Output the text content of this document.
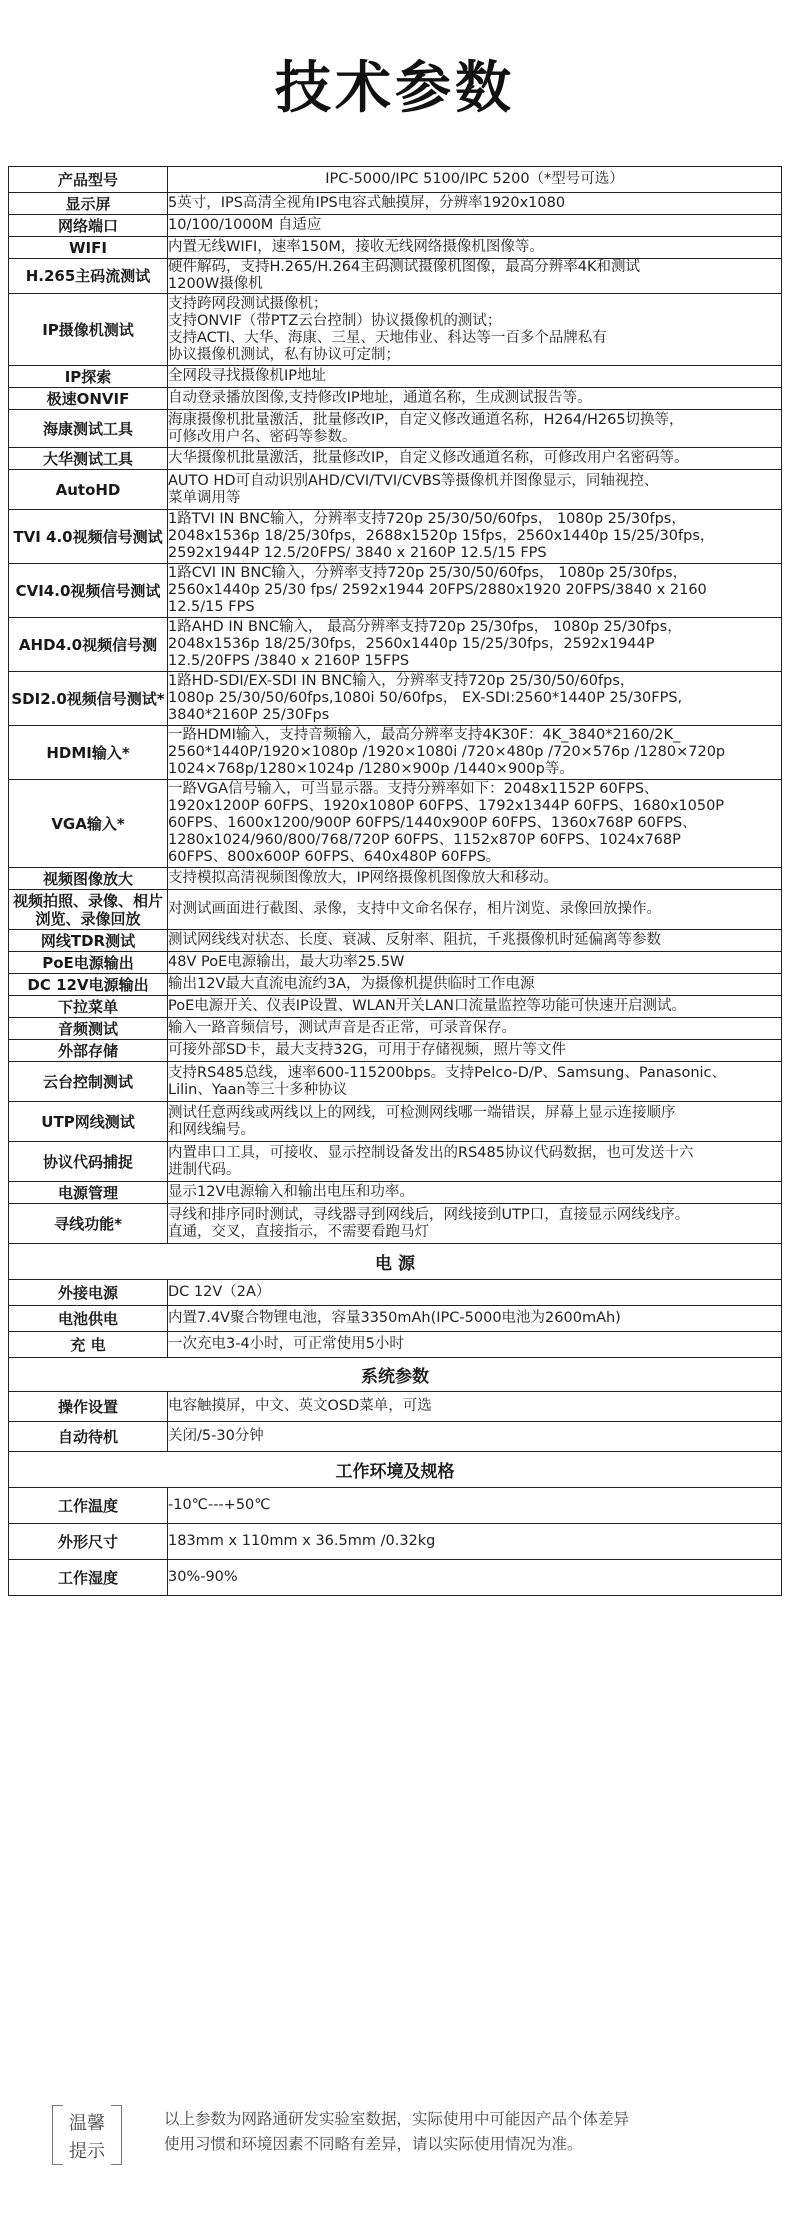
技术参数
产品型号	IPC-5000/IPC 5100/IPC 5200（*型号可选）

显示屏	5英寸，IPS高清全视角IPS电容式触摸屏，分辨率1920x1080

网络端口	10/100/1000M 自适应

WIFI	内置无线WIFI，速率150M，接收无线网络摄像机图像等。

H.265主码流测试	硬件解码，支持H.265/H.264主码测试摄像机图像，最高分辨率4K和测试
1200W摄像机

IP摄像机测试	支持跨网段测试摄像机；
支持ONVIF（带PTZ云台控制）协议摄像机的测试；
支持ACTI、大华、海康、三星、天地伟业、科达等一百多个品牌私有
协议摄像机测试，私有协议可定制；

IP探索	全网段寻找摄像机IP地址

极速ONVIF	自动登录播放图像,支持修改IP地址，通道名称，生成测试报告等。

海康测试工具	海康摄像机批量激活，批量修改IP，自定义修改通道名称，H264/H265切换等，
可修改用户名、密码等参数。

大华测试工具	大华摄像机批量激活，批量修改IP，自定义修改通道名称，可修改用户名密码等。

AutoHD	AUTO HD可自动识别AHD/CVI/TVI/CVBS等摄像机并图像显示，同轴视控、
菜单调用等

TVI 4.0视频信号测试	1路TVI IN BNC输入，分辨率支持720p 25/30/50/60fps， 1080p 25/30fps，
2048x1536p 18/25/30fps，2688x1520p 15fps，2560x1440p 15/25/30fps，
2592x1944P 12.5/20FPS/ 3840 x 2160P 12.5/15 FPS

CVI4.0视频信号测试	1路CVI IN BNC输入，分辨率支持720p 25/30/50/60fps， 1080p 25/30fps，
2560x1440p 25/30 fps/ 2592x1944 20FPS/2880x1920 20FPS/3840 x 2160
12.5/15 FPS

AHD4.0视频信号测	1路AHD IN BNC输入， 最高分辨率支持720p 25/30fps， 1080p 25/30fps，
2048x1536p 18/25/30fps，2560x1440p 15/25/30fps，2592x1944P
12.5/20FPS /3840 x 2160P 15FPS

SDI2.0视频信号测试*	1路HD-SDI/EX-SDI IN BNC输入，分辨率支持720p 25/30/50/60fps，
1080p 25/30/50/60fps,1080i 50/60fps， EX-SDI:2560*1440P 25/30FPS,
3840*2160P 25/30Fps

HDMI输入*	一路HDMI输入，支持音频输入，最高分辨率支持4K30F：4K_3840*2160/2K_
2560*1440P/1920×1080p /1920×1080i /720×480p /720×576p /1280×720p
1024×768p/1280×1024p /1280×900p /1440×900p等。

VGA输入*	一路VGA信号输入，可当显示器。支持分辨率如下：2048x1152P 60FPS、
1920x1200P 60FPS、1920x1080P 60FPS、1792x1344P 60FPS、1680x1050P
60FPS、1600x1200/900P 60FPS/1440x900P 60FPS、1360x768P 60FPS、
1280x1024/960/800/768/720P 60FPS、1152x870P 60FPS、1024x768P
60FPS、800x600P 60FPS、640x480P 60FPS。

视频图像放大	支持模拟高清视频图像放大，IP网络摄像机图像放大和移动。

视频拍照、录像、相片浏览、录像回放	对测试画面进行截图、录像，支持中文命名保存，相片浏览、录像回放操作。

网线TDR测试	测试网线线对状态、长度、衰减、反射率、阻抗，千兆摄像机时延偏离等参数

PoE电源输出	48V PoE电源输出，最大功率25.5W

DC 12V电源输出	输出12V最大直流电流约3A，为摄像机提供临时工作电源

下拉菜单	PoE电源开关、仪表IP设置、WLAN开关LAN口流量监控等功能可快速开启测试。

音频测试	输入一路音频信号，测试声音是否正常，可录音保存。

外部存储	可接外部SD卡，最大支持32G，可用于存储视频，照片等文件

云台控制测试	支持RS485总线，速率600-115200bps。支持Pelco-D/P、Samsung、Panasonic、
Lilin、Yaan等三十多种协议

UTP网线测试	测试任意两线或两线以上的网线，可检测网线哪一端错误，屏幕上显示连接顺序
和网线编号。

协议代码捕捉	内置串口工具，可接收、显示控制设备发出的RS485协议代码数据，也可发送十六
进制代码。

电源管理	显示12V电源输入和输出电压和功率。

寻线功能*	寻线和排序同时测试，寻线器寻到网线后，网线接到UTP口，直接显示网线线序。
直通，交叉，直接指示，不需要看跑马灯

电 源	
外接电源	DC 12V（2A）

电池供电	内置7.4V聚合物锂电池，容量3350mAh(IPC-5000电池为2600mAh)

充 电	一次充电3-4小时，可正常使用5小时

系统参数	
操作设置	电容触摸屏，中文、英文OSD菜单，可选

自动待机	关闭/5-30分钟

工作环境及规格	
工作温度	-10℃---+50℃

外形尺寸	183mm x 110mm x 36.5mm /0.32kg

工作湿度	30%-90%
温馨
提示
以上参数为网路通研发实验室数据，实际使用中可能因产品个体差异
使用习惯和环境因素不同略有差异，请以实际使用情况为准。
